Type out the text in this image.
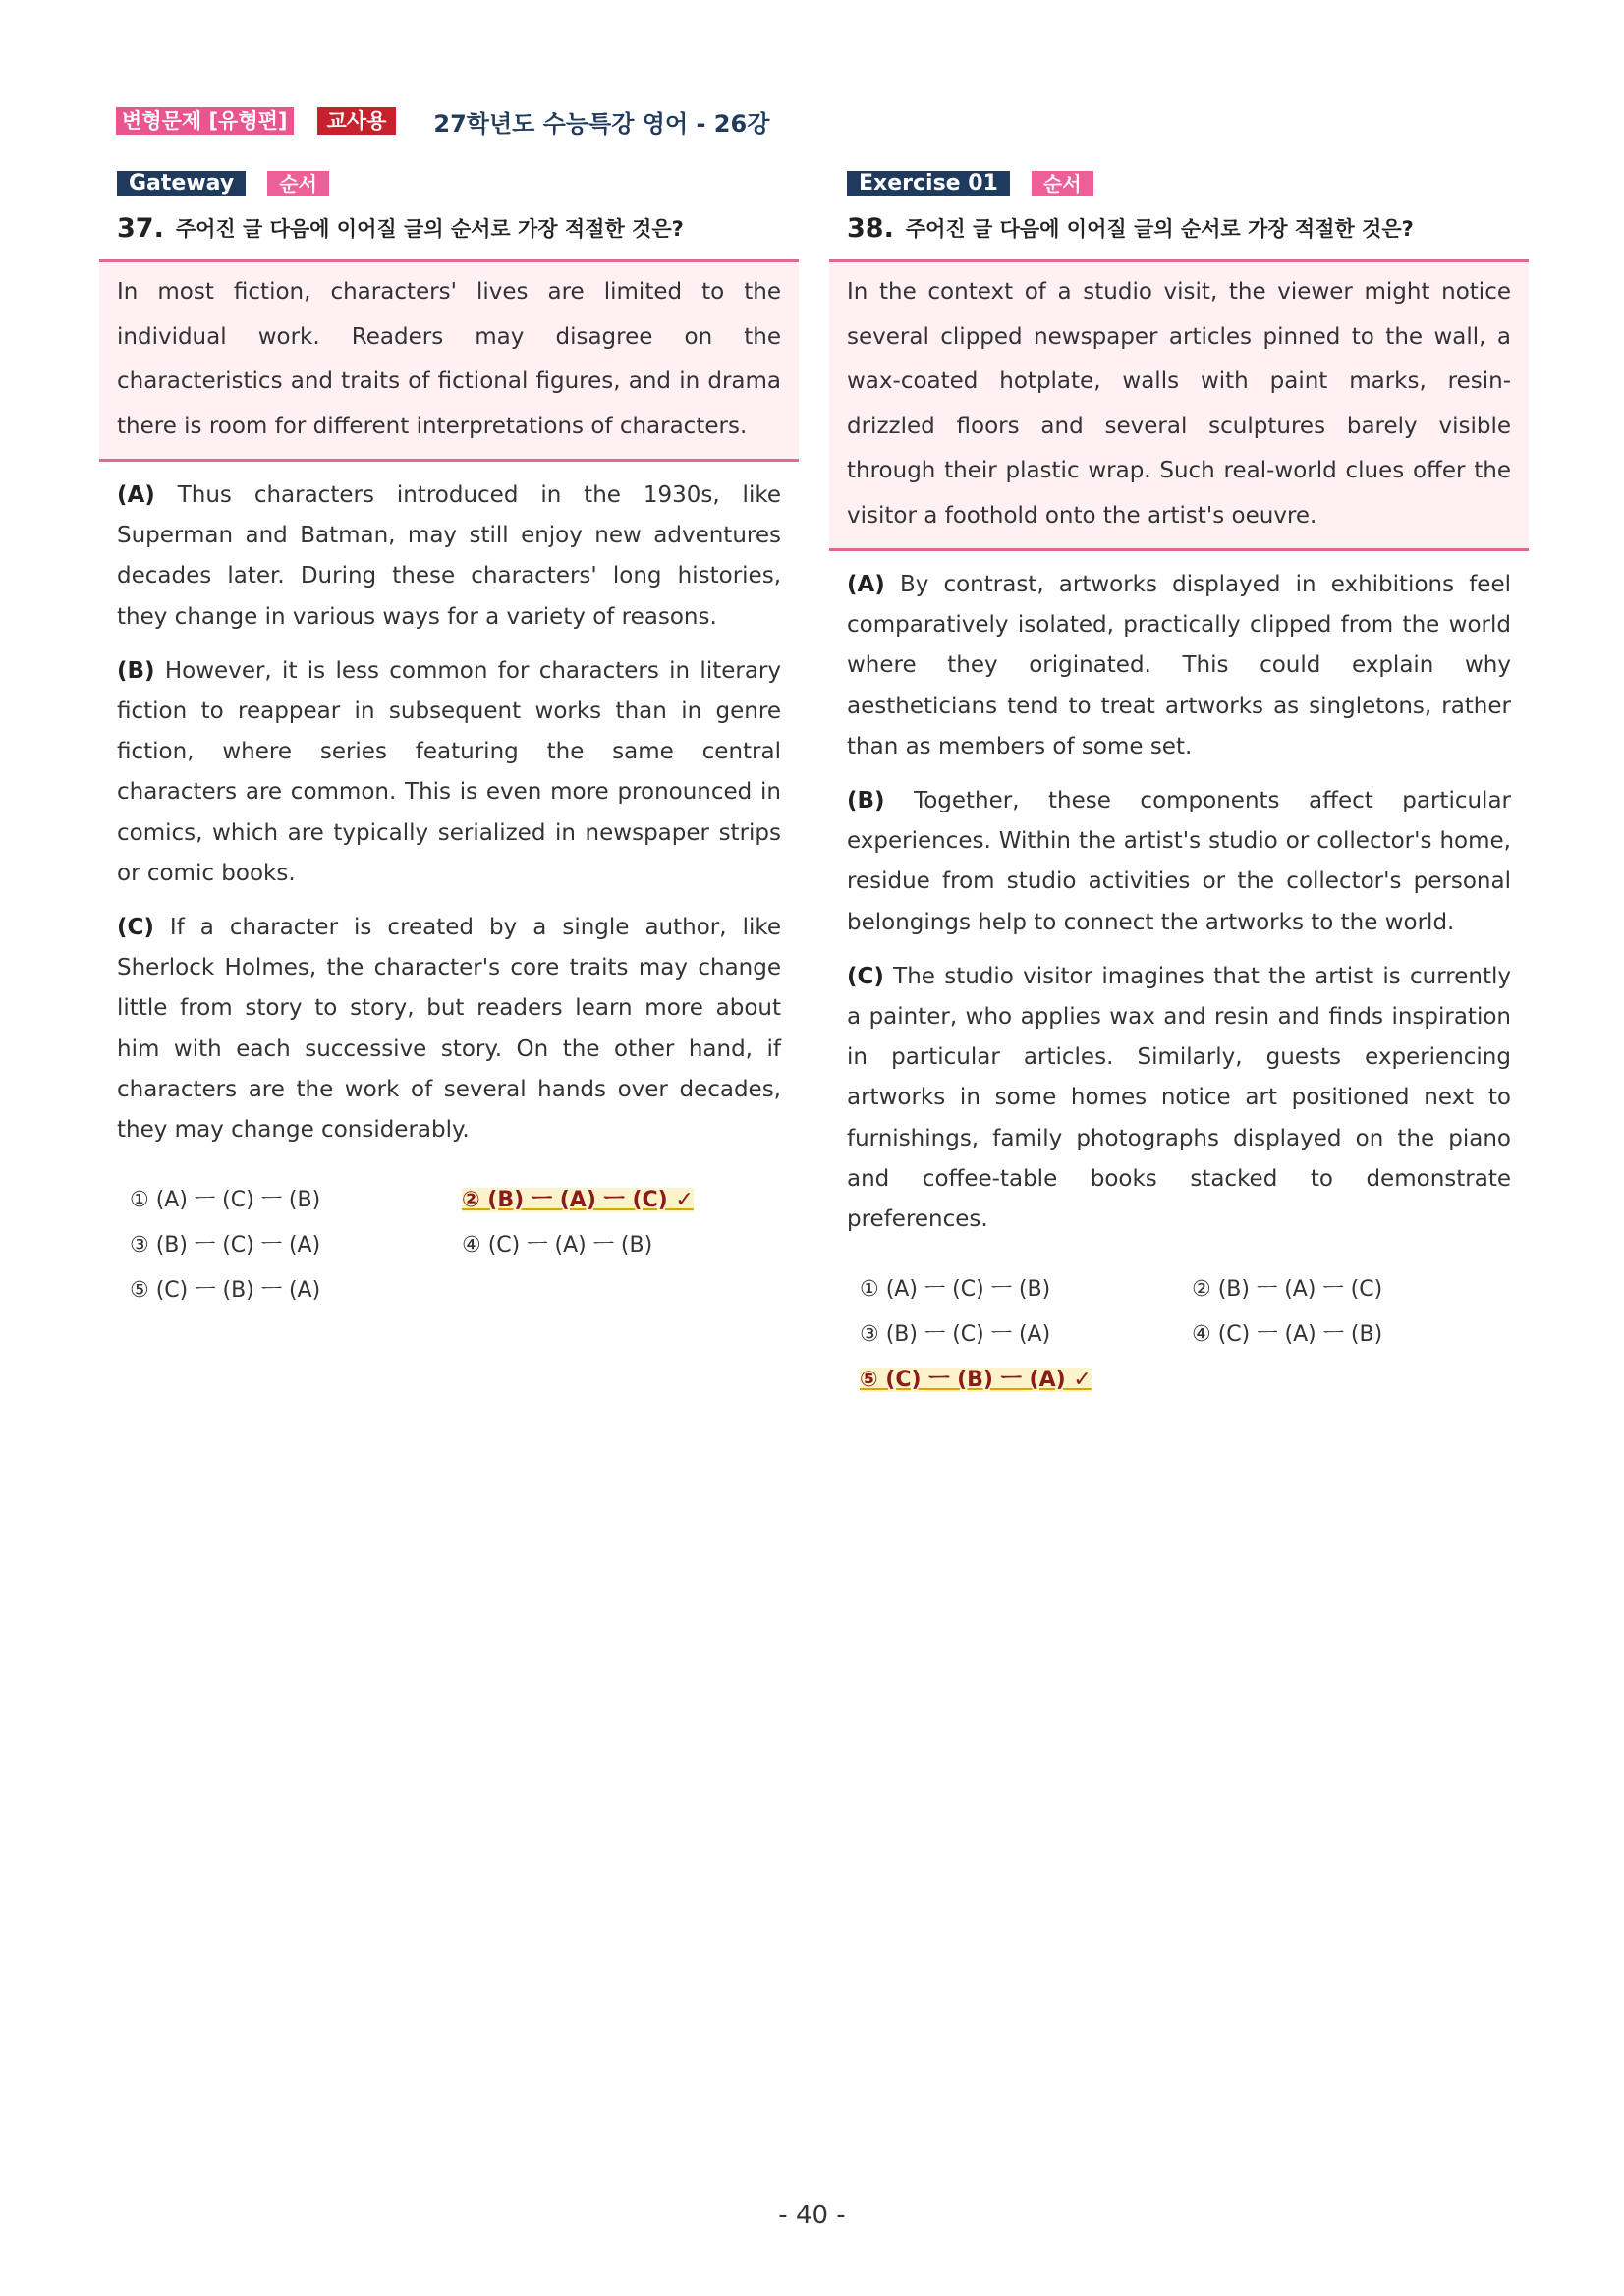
변형문제 [유형편]	교사용	27학년도 수능특강 영어 - 26강
Gateway	순서
37. 주어진 글 다음에 이어질 글의 순서로 가장 적절한 것은?
In most fiction, characters' lives are limited to the individual work. Readers may disagree on the characteristics and traits of fictional figures, and in drama there is room for different interpretations of characters.
(A) Thus characters introduced in the 1930s, like Superman and Batman, may still enjoy new adventures decades later. During these characters' long histories, they change in various ways for a variety of reasons.
(B) However, it is less common for characters in literary fiction to reappear in subsequent works than in genre fiction, where series featuring the same central characters are common. This is even more pronounced in comics, which are typically serialized in newspaper strips or comic books.
(C) If a character is created by a single author, like Sherlock Holmes, the character's core traits may change little from story to story, but readers learn more about him with each successive story. On the other hand, if characters are the work of several hands over decades, they may change considerably.
① (A) ㅡ (C) ㅡ (B)	② (B) ㅡ (A) ㅡ (C) ✓
③ (B) ㅡ (C) ㅡ (A)	④ (C) ㅡ (A) ㅡ (B)
⑤ (C) ㅡ (B) ㅡ (A)
Exercise 01	순서
38. 주어진 글 다음에 이어질 글의 순서로 가장 적절한 것은?
In the context of a studio visit, the viewer might notice several clipped newspaper articles pinned to the wall, a wax-coated hotplate, walls with paint marks, resin-drizzled floors and several sculptures barely visible through their plastic wrap. Such real-world clues offer the visitor a foothold onto the artist's oeuvre.
(A) By contrast, artworks displayed in exhibitions feel comparatively isolated, practically clipped from the world where they originated. This could explain why aestheticians tend to treat artworks as singletons, rather than as members of some set.
(B) Together, these components affect particular experiences. Within the artist's studio or collector's home, residue from studio activities or the collector's personal belongings help to connect the artworks to the world.
(C) The studio visitor imagines that the artist is currently a painter, who applies wax and resin and finds inspiration in particular articles. Similarly, guests experiencing artworks in some homes notice art positioned next to furnishings, family photographs displayed on the piano and coffee-table books stacked to demonstrate preferences.
① (A) ㅡ (C) ㅡ (B)	② (B) ㅡ (A) ㅡ (C)
③ (B) ㅡ (C) ㅡ (A)	④ (C) ㅡ (A) ㅡ (B)
⑤ (C) ㅡ (B) ㅡ (A) ✓
- 40 -
